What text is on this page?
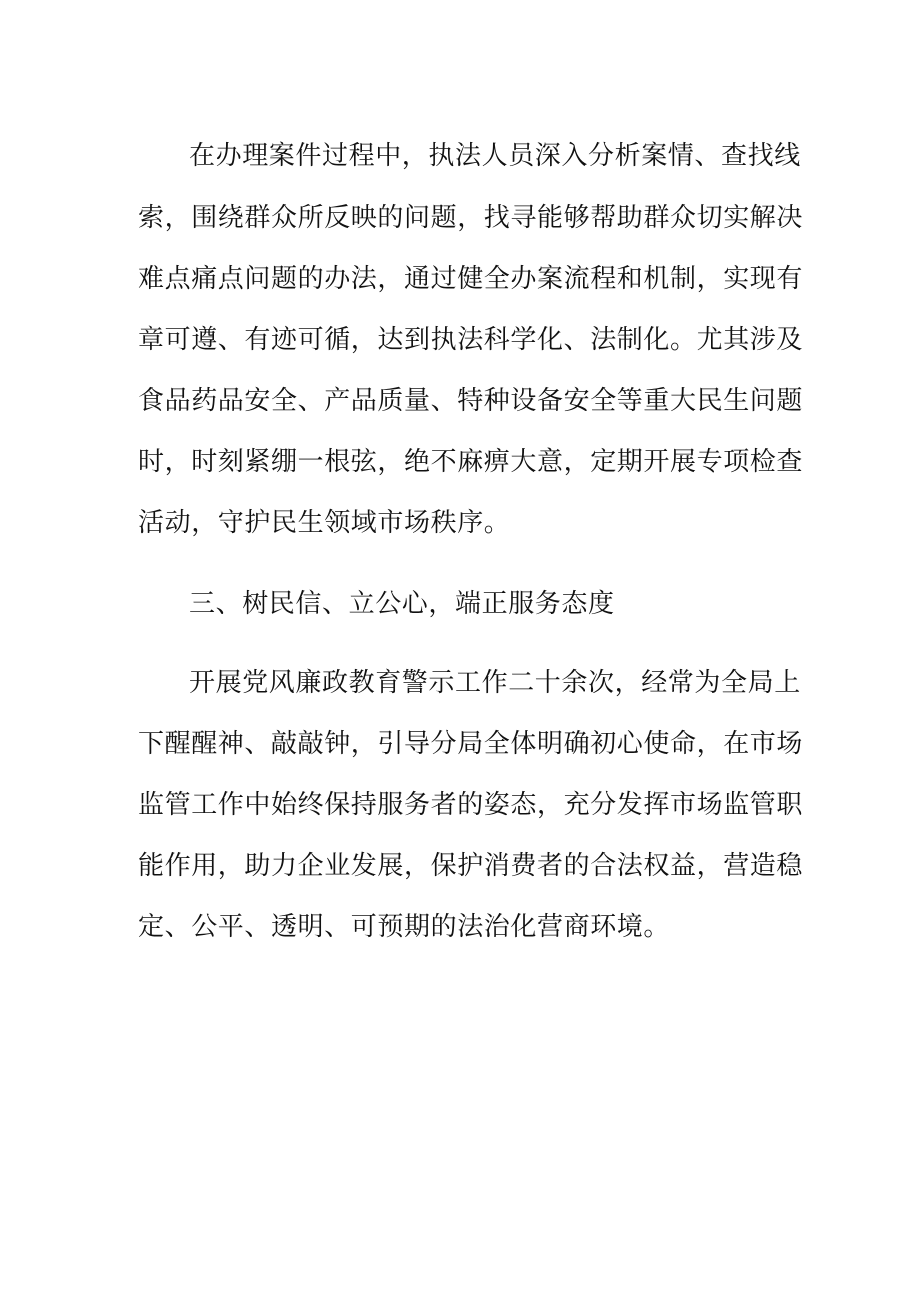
在办理案件过程中，执法人员深入分析案情、查找线
索，围绕群众所反映的问题，找寻能够帮助群众切实解决
难点痛点问题的办法，通过健全办案流程和机制，实现有
章可遵、有迹可循，达到执法科学化、法制化。尤其涉及
食品药品安全、产品质量、特种设备安全等重大民生问题
时，时刻紧绷一根弦，绝不麻痹大意，定期开展专项检查
活动，守护民生领域市场秩序。
三、树民信、立公心，端正服务态度
开展党风廉政教育警示工作二十余次，经常为全局上
下醒醒神、敲敲钟，引导分局全体明确初心使命，在市场
监管工作中始终保持服务者的姿态，充分发挥市场监管职
能作用，助力企业发展，保护消费者的合法权益，营造稳
定、公平、透明、可预期的法治化营商环境。
